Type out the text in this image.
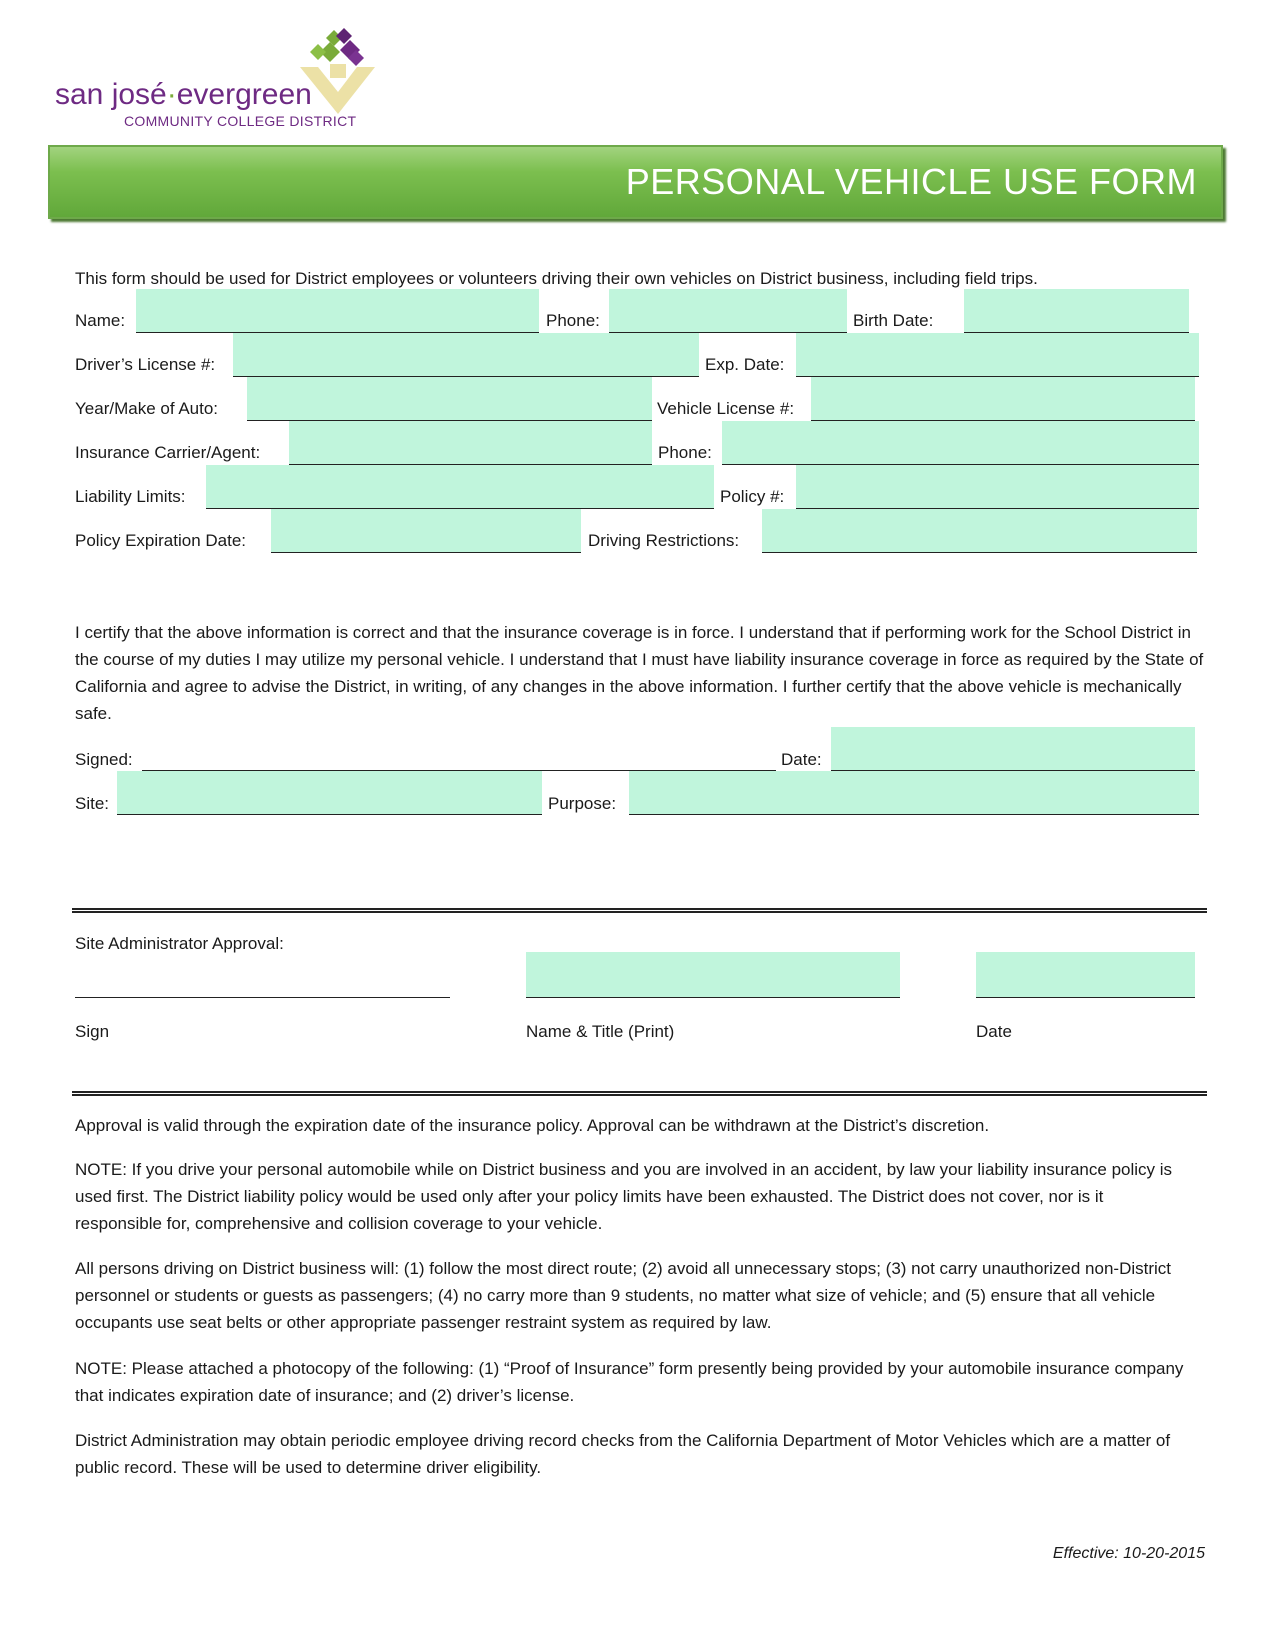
san josé·evergreen
COMMUNITY COLLEGE DISTRICT
PERSONAL VEHICLE USE FORM
This form should be used for District employees or volunteers driving their own vehicles on District business, including field trips.
Name:	Phone:	Birth Date:
Driver’s License #:	Exp. Date:
Year/Make of Auto:	Vehicle License #:
Insurance Carrier/Agent:	Phone:
Liability Limits:	Policy #:
Policy Expiration Date:	Driving Restrictions:
I certify that the above information is correct and that the insurance coverage is in force. I understand that if performing work for the School District in the course of my duties I may utilize my personal vehicle. I understand that I must have liability insurance coverage in force as required by the State of California and agree to advise the District, in writing, of any changes in the above information. I further certify that the above vehicle is mechanically safe.
Signed:	Date:
Site:	Purpose:
Site Administrator Approval:
Sign	Name & Title (Print)	Date
Approval is valid through the expiration date of the insurance policy. Approval can be withdrawn at the District’s discretion.
NOTE: If you drive your personal automobile while on District business and you are involved in an accident, by law your liability insurance policy is used first. The District liability policy would be used only after your policy limits have been exhausted. The District does not cover, nor is it responsible for, comprehensive and collision coverage to your vehicle.
All persons driving on District business will: (1) follow the most direct route; (2) avoid all unnecessary stops; (3) not carry unauthorized non-District personnel or students or guests as passengers; (4) no carry more than 9 students, no matter what size of vehicle; and (5) ensure that all vehicle occupants use seat belts or other appropriate passenger restraint system as required by law.
NOTE: Please attached a photocopy of the following: (1) “Proof of Insurance” form presently being provided by your automobile insurance company that indicates expiration date of insurance; and (2) driver’s license.
District Administration may obtain periodic employee driving record checks from the California Department of Motor Vehicles which are a matter of public record. These will be used to determine driver eligibility.
Effective: 10-20-2015
